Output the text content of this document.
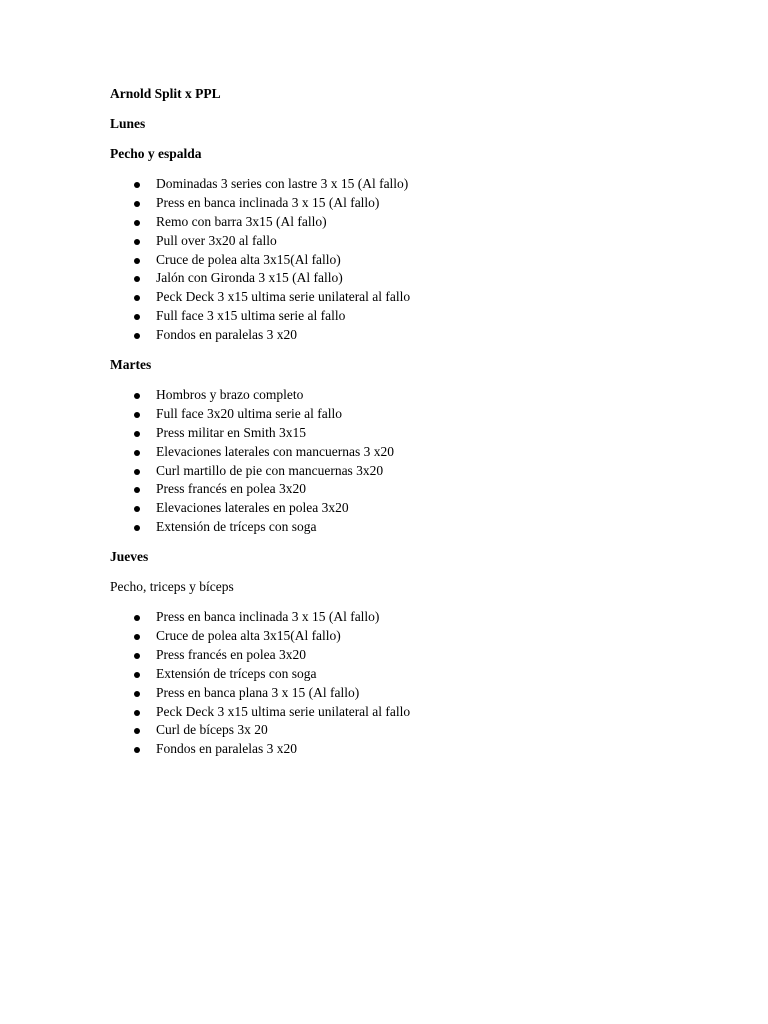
Arnold Split x PPL
Lunes
Pecho y espalda
Dominadas 3 series con lastre 3 x 15 (Al fallo)
Press en banca inclinada 3 x 15 (Al fallo)
Remo con barra 3x15 (Al fallo)
Pull over 3x20 al fallo
Cruce de polea alta 3x15(Al fallo)
Jalón con Gironda 3 x15 (Al fallo)
Peck Deck 3 x15 ultima serie unilateral al fallo
Full face 3 x15 ultima serie al fallo
Fondos en paralelas 3 x20
Martes
Hombros y brazo completo
Full face 3x20 ultima serie al fallo
Press militar en Smith 3x15
Elevaciones laterales con mancuernas 3 x20
Curl martillo de pie con mancuernas 3x20
Press francés en polea 3x20
Elevaciones laterales en polea 3x20
Extensión de tríceps con soga
Jueves
Pecho, triceps y bíceps
Press en banca inclinada 3 x 15 (Al fallo)
Cruce de polea alta 3x15(Al fallo)
Press francés en polea 3x20
Extensión de tríceps con soga
Press en banca plana 3 x 15 (Al fallo)
Peck Deck 3 x15 ultima serie unilateral al fallo
Curl de bíceps 3x 20
Fondos en paralelas 3 x20
